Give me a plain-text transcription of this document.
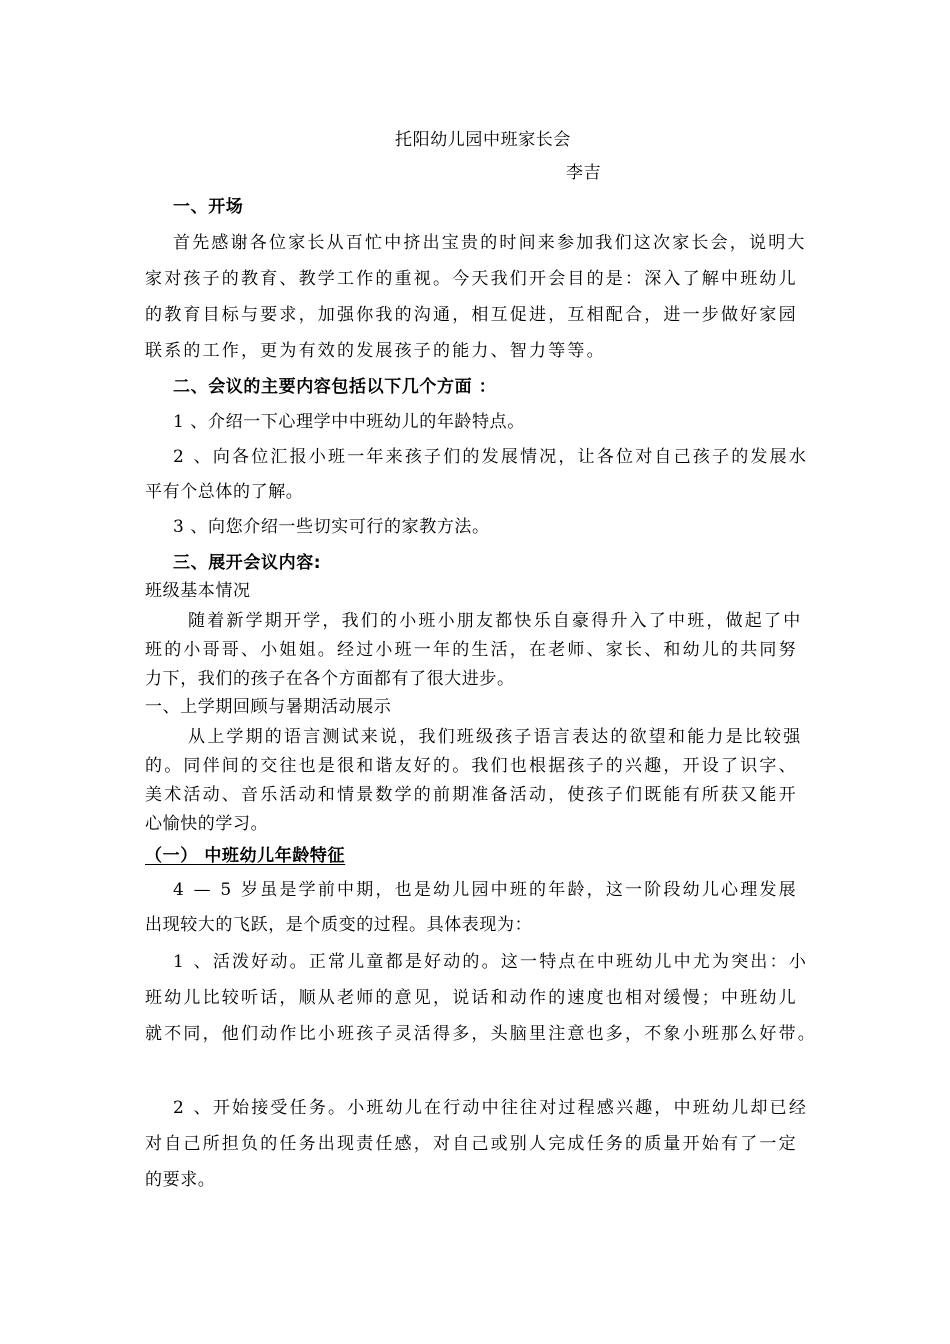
托阳幼儿园中班家长会
李吉
一、开场
首先感谢各位家长从百忙中挤出宝贵的时间来参加我们这次家长会，说明大
家对孩子的教育、教学工作的重视。今天我们开会目的是：深入了解中班幼儿
的教育目标与要求，加强你我的沟通，相互促进，互相配合，进一步做好家园
联系的工作，更为有效的发展孩子的能力、智力等等。
二、会议的主要内容包括以下几个方面 ：
1 、介绍一下心理学中中班幼儿的年龄特点。
2 、向各位汇报小班一年来孩子们的发展情况，让各位对自己孩子的发展水
平有个总体的了解。
3 、向您介绍一些切实可行的家教方法。
三、展开会议内容:
班级基本情况
随着新学期开学，我们的小班小朋友都快乐自豪得升入了中班，做起了中
班的小哥哥、小姐姐。经过小班一年的生活，在老师、家长、和幼儿的共同努
力下，我们的孩子在各个方面都有了很大进步。
一、上学期回顾与暑期活动展示
从上学期的语言测试来说，我们班级孩子语言表达的欲望和能力是比较强
的。同伴间的交往也是很和谐友好的。我们也根据孩子的兴趣，开设了识字、
美术活动、音乐活动和情景数学的前期准备活动，使孩子们既能有所获又能开
心愉快的学习。
（一） 中班幼儿年龄特征
4 — 5 岁虽是学前中期，也是幼儿园中班的年龄，这一阶段幼儿心理发展
出现较大的飞跃，是个质变的过程。具体表现为：
1 、活泼好动。正常儿童都是好动的。这一特点在中班幼儿中尤为突出：小
班幼儿比较听话，顺从老师的意见，说话和动作的速度也相对缓慢；中班幼儿
就不同，他们动作比小班孩子灵活得多，头脑里注意也多，不象小班那么好带。
2 、开始接受任务。小班幼儿在行动中往往对过程感兴趣，中班幼儿却已经
对自己所担负的任务出现责任感，对自己或别人完成任务的质量开始有了一定
的要求。
